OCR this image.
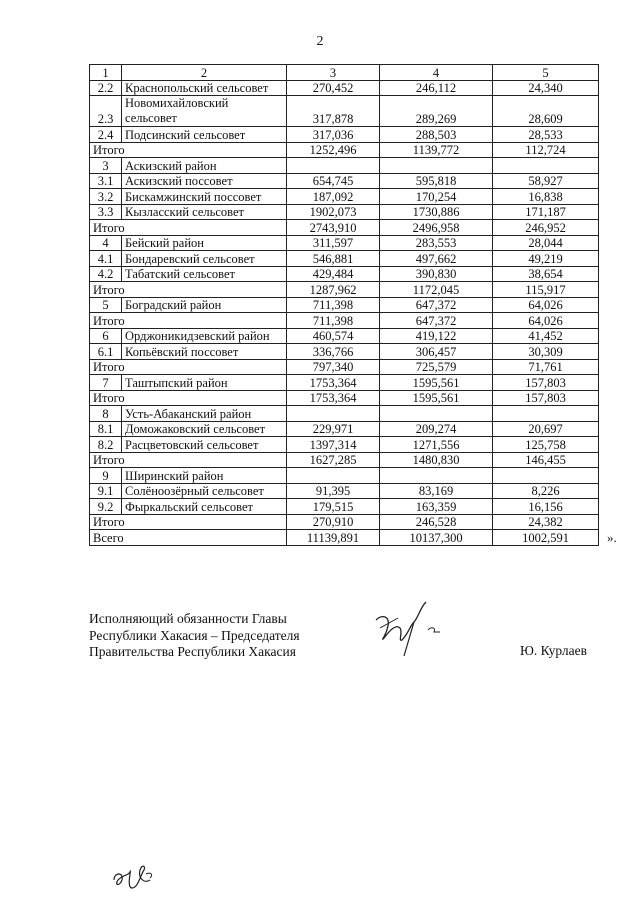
2
1	2	3	4	5
2.2	Краснопольский сельсовет	270,452	246,112	24,340
2.3	Новомихайловский сельсовет	317,878	289,269	28,609
2.4	Подсинский сельсовет	317,036	288,503	28,533
Итого		1252,496	1139,772	112,724
3	Аскизский район			
3.1	Аскизский поссовет	654,745	595,818	58,927
3.2	Бискамжинский поссовет	187,092	170,254	16,838
3.3	Кызласский сельсовет	1902,073	1730,886	171,187
Итого		2743,910	2496,958	246,952
4	Бейский район	311,597	283,553	28,044
4.1	Бондаревский сельсовет	546,881	497,662	49,219
4.2	Табатский сельсовет	429,484	390,830	38,654
Итого		1287,962	1172,045	115,917
5	Боградский район	711,398	647,372	64,026
Итого		711,398	647,372	64,026
6	Орджоникидзевский район	460,574	419,122	41,452
6.1	Копьёвский поссовет	336,766	306,457	30,309
Итого		797,340	725,579	71,761
7	Таштыпский район	1753,364	1595,561	157,803
Итого		1753,364	1595,561	157,803
8	Усть-Абаканский район			
8.1	Доможаковский сельсовет	229,971	209,274	20,697
8.2	Расцветовский сельсовет	1397,314	1271,556	125,758
Итого		1627,285	1480,830	146,455
9	Ширинский район			
9.1	Солёноозёрный сельсовет	91,395	83,169	8,226
9.2	Фыркальский сельсовет	179,515	163,359	16,156
Итого		270,910	246,528	24,382
Всего		11139,891	10137,300	1002,591	».
Исполняющий обязанности Главы
Республики Хакасия – Председателя
Правительства Республики Хакасия	Ю. Курлаев
